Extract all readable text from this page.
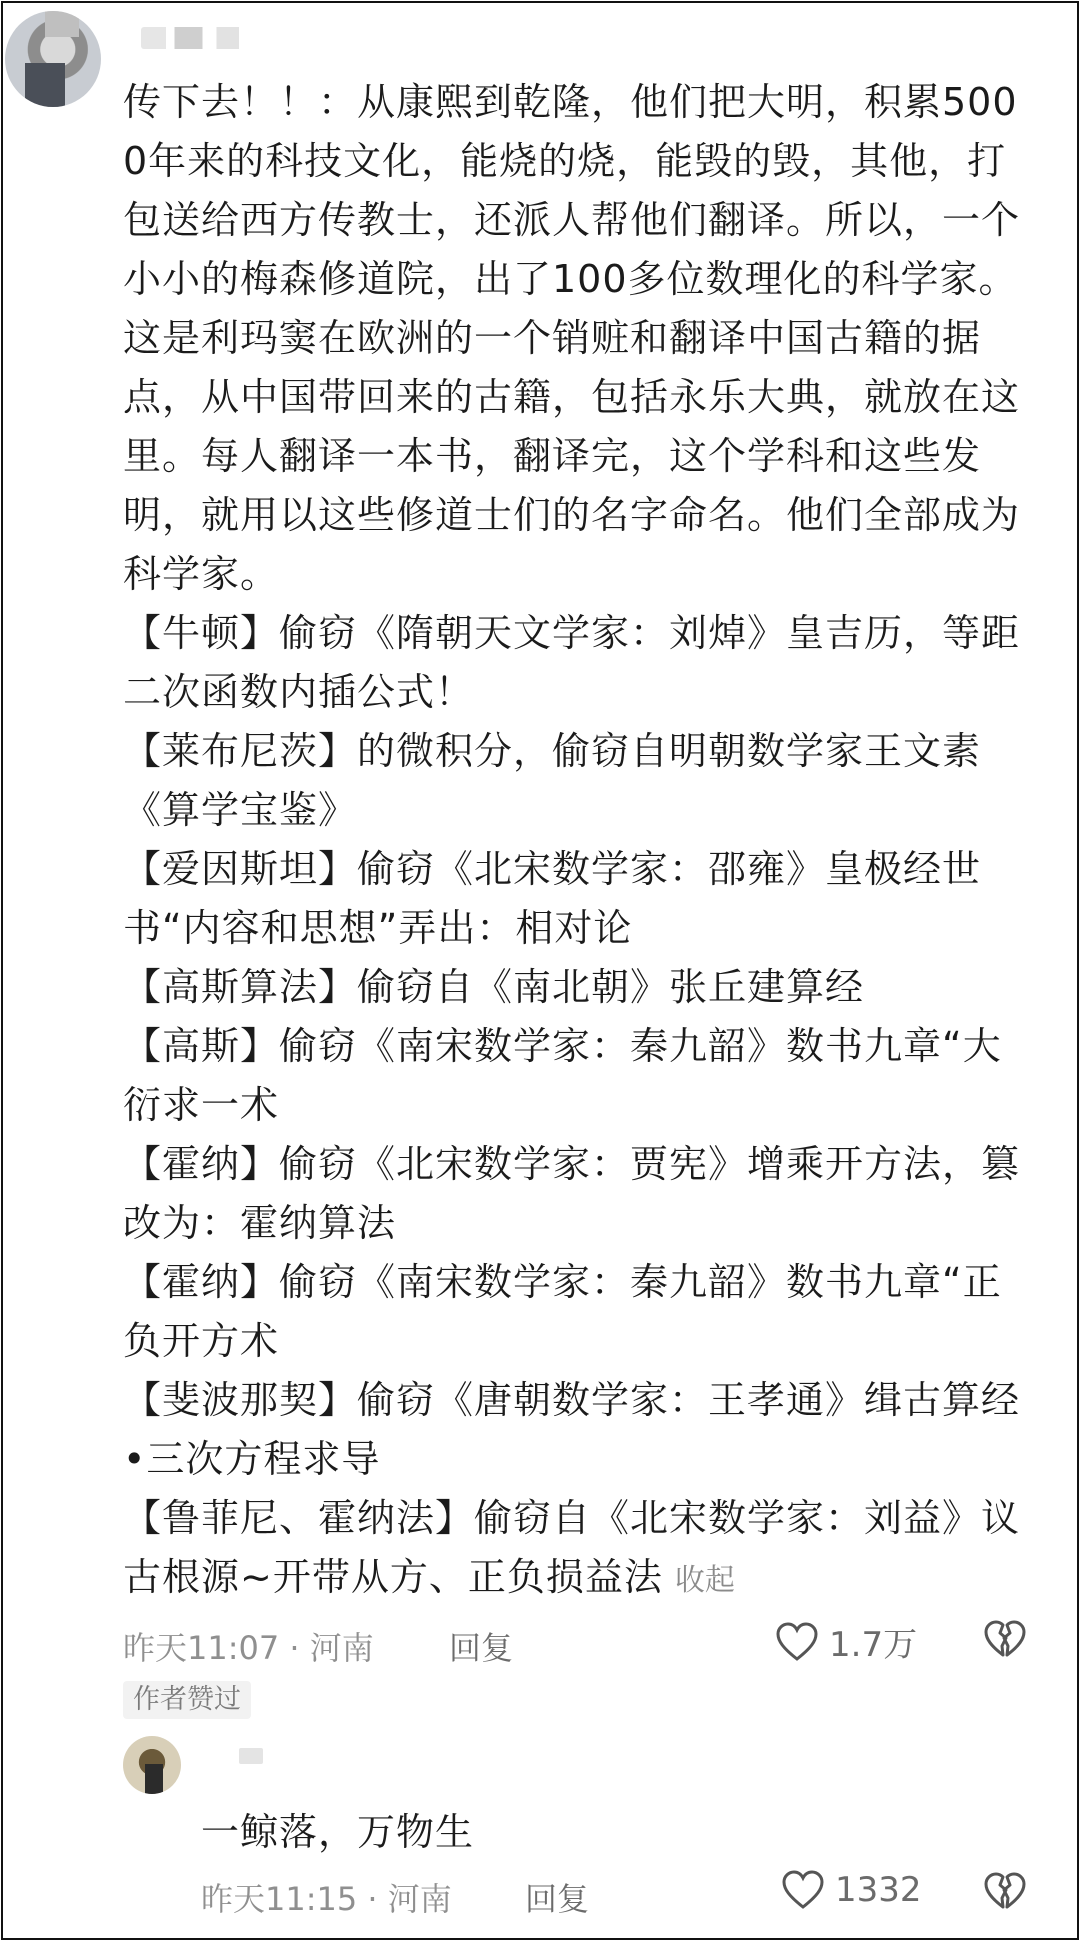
传下去！！：从康熙到乾隆，他们把大明，积累5000年来的科技文化，能烧的烧，能毁的毁，其他，打包送给西方传教士，还派人帮他们翻译。所以，一个小小的梅森修道院，出了100多位数理化的科学家。这是利玛窦在欧洲的一个销赃和翻译中国古籍的据点，从中国带回来的古籍，包括永乐大典，就放在这里。每人翻译一本书，翻译完，这个学科和这些发明，就用以这些修道士们的名字命名。他们全部成为科学家。
【牛顿】偷窃《隋朝天文学家：刘焯》皇吉历，等距二次函数内插公式！
【莱布尼茨】的微积分，偷窃自明朝数学家王文素《算学宝鉴》
【爱因斯坦】偷窃《北宋数学家：邵雍》皇极经世书“内容和思想”弄出：相对论
【高斯算法】偷窃自《南北朝》张丘建算经
【高斯】偷窃《南宋数学家：秦九韶》数书九章“大衍求一术
【霍纳】偷窃《北宋数学家：贾宪》增乘开方法，篡改为：霍纳算法
【霍纳】偷窃《南宋数学家：秦九韶》数书九章“正负开方术
【斐波那契】偷窃《唐朝数学家：王孝通》缉古算经•三次方程求导
【鲁菲尼、霍纳法】偷窃自《北宋数学家：刘益》议古根源~开带从方、正负损益法 收起
昨天11:07 · 河南 回复	1.7万
作者赞过
一鲸落，万物生
昨天11:15 · 河南 回复	1332
